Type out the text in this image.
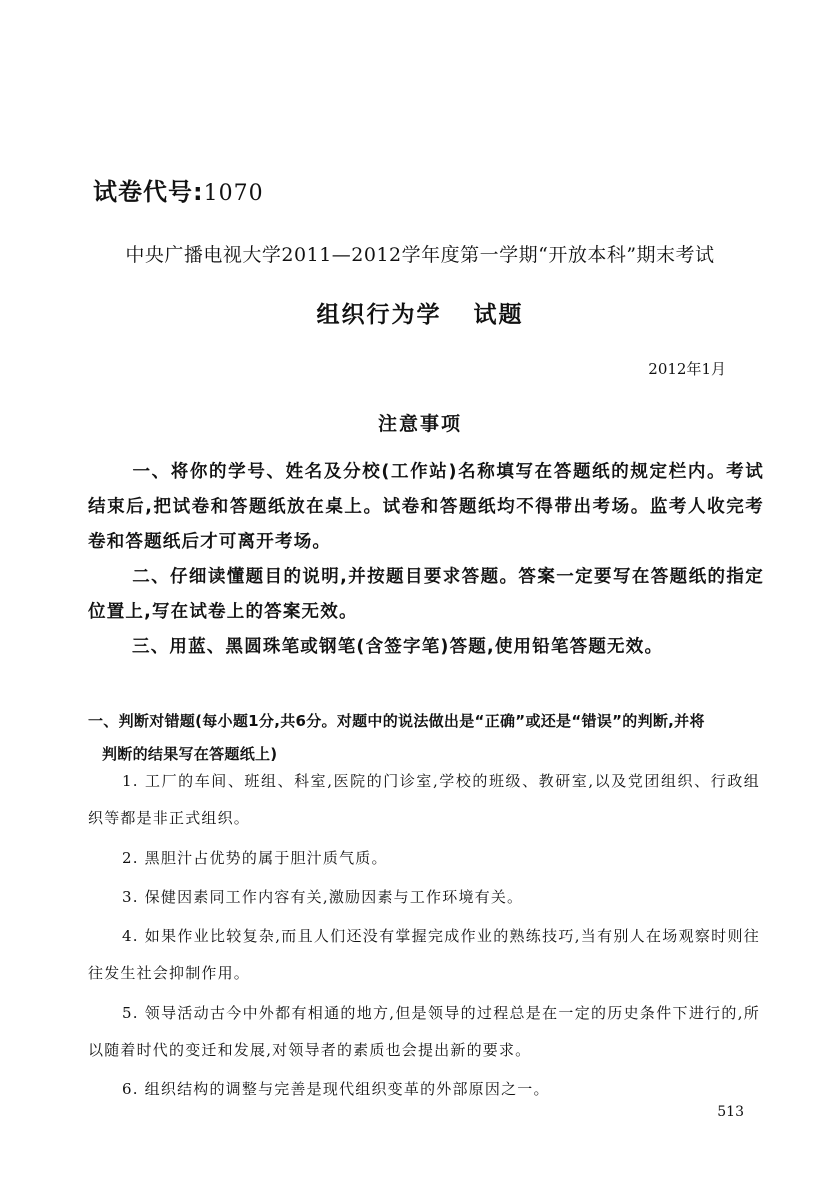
试卷代号:1070
中央广播电视大学2011—2012学年度第一学期“开放本科”期末考试
组织行为学 试题
2012年1月
注意事项
一、将你的学号、姓名及分校(工作站)名称填写在答题纸的规定栏内。考试结束后,把试卷和答题纸放在桌上。试卷和答题纸均不得带出考场。监考人收完考卷和答题纸后才可离开考场。
二、仔细读懂题目的说明,并按题目要求答题。答案一定要写在答题纸的指定位置上,写在试卷上的答案无效。
三、用蓝、黑圆珠笔或钢笔(含签字笔)答题,使用铅笔答题无效。
一、判断对错题(每小题1分,共6分。对题中的说法做出是“正确”或还是“错误”的判断,并将
判断的结果写在答题纸上)
1. 工厂的车间、班组、科室,医院的门诊室,学校的班级、教研室,以及党团组织、行政组织等都是非正式组织。
2. 黑胆汁占优势的属于胆汁质气质。
3. 保健因素同工作内容有关,激励因素与工作环境有关。
4. 如果作业比较复杂,而且人们还没有掌握完成作业的熟练技巧,当有别人在场观察时则往往发生社会抑制作用。
5. 领导活动古今中外都有相通的地方,但是领导的过程总是在一定的历史条件下进行的,所以随着时代的变迁和发展,对领导者的素质也会提出新的要求。
6. 组织结构的调整与完善是现代组织变革的外部原因之一。
513
